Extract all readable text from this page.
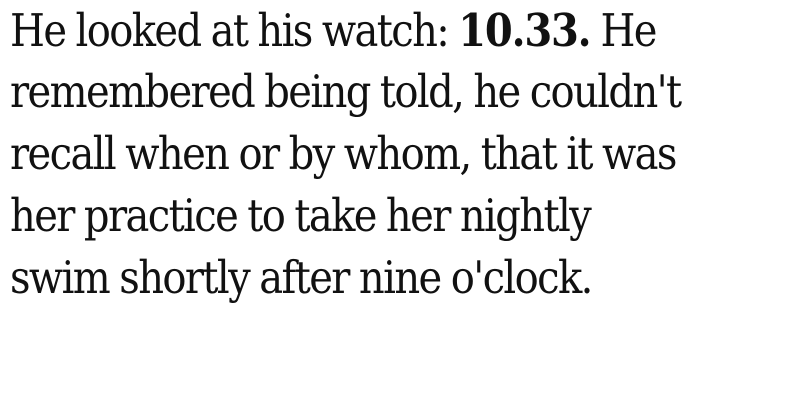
He looked at his watch: 10.33. He
remembered being told, he couldn't
recall when or by whom, that it was
her practice to take her nightly
swim shortly after nine o'clock.
